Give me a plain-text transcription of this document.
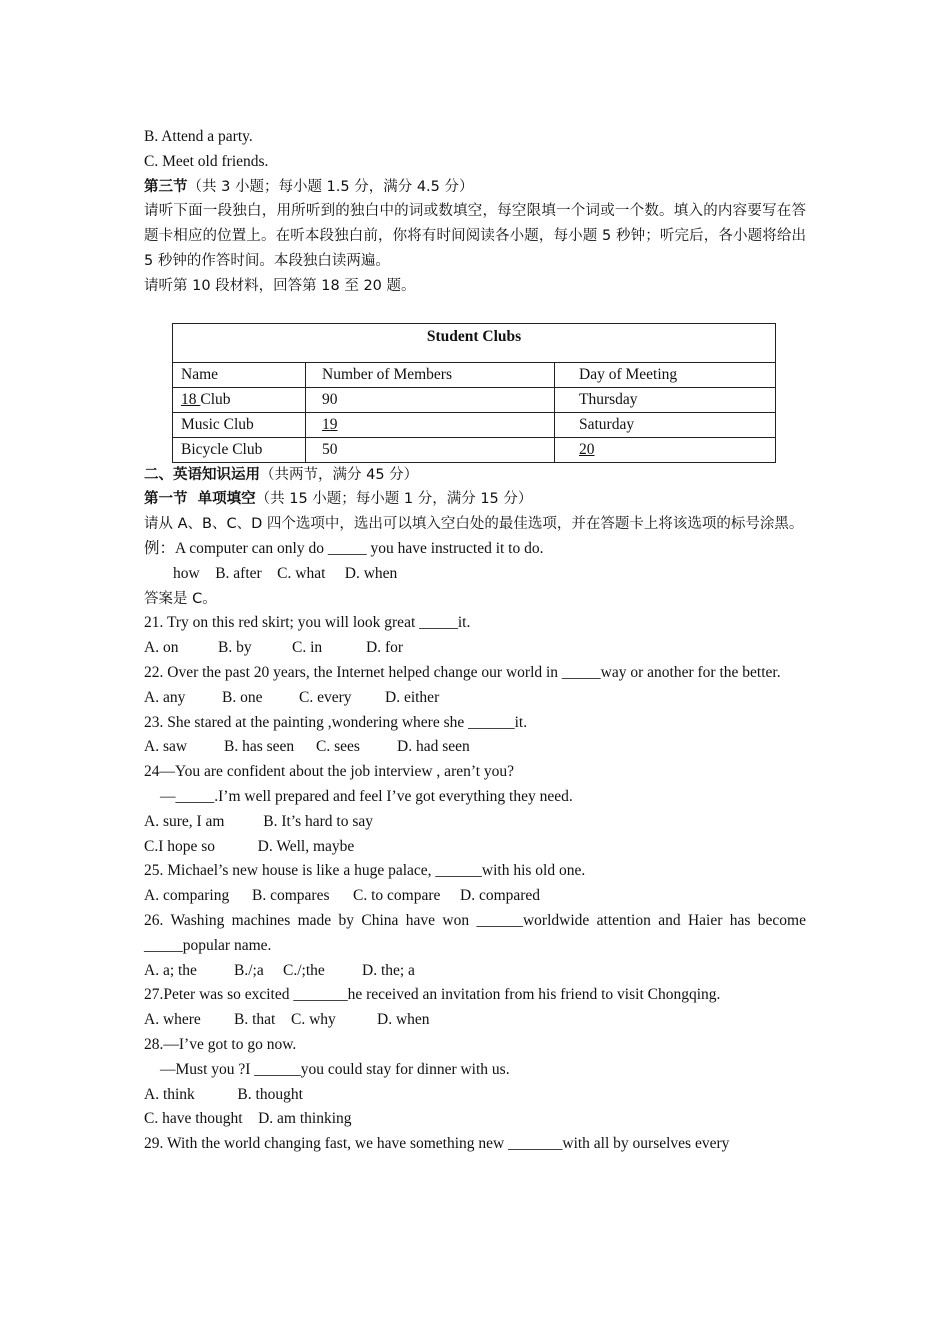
B. Attend a party.
C. Meet old friends.
第三节（共 3 小题；每小题 1.5 分，满分 4.5 分）
请听下面一段独白，用所听到的独白中的词或数填空，每空限填一个词或一个数。填入的内容要写在答题卡相应的位置上。在听本段独白前，你将有时间阅读各小题，每小题 5 秒钟；听完后，各小题将给出 5 秒钟的作答时间。本段独白读两遍。
请听第 10 段材料，回答第 18 至 20 题。
Student Clubs		
Name	Number of Members	Day of Meeting
18 Club	90	Thursday
Music Club	19	Saturday
Bicycle Club	50	20
二、英语知识运用（共两节，满分 45 分）
第一节  单项填空（共 15 小题；每小题 1 分，满分 15 分）
请从 A、B、C、D 四个选项中，选出可以填入空白处的最佳选项，并在答题卡上将该选项的标号涂黑。
例：A computer can only do _____ you have instructed it to do.
how    B. after    C. what     D. when
答案是 C。
21. Try on this red skirt; you will look great _____it.
A. on	B. by	C. in	D. for
22. Over the past 20 years, the Internet helped change our world in _____way or another for the better.
A. any B. one C. every D. either
23. She stared at the painting ,wondering where she ______it.
A. saw B. has seen C. sees D. had seen
24—You are confident about the job interview , aren’t you?
—_____.I’m well prepared and feel I’ve got everything they need.
A. sure, I am          B. It’s hard to say
C.I hope so           D. Well, maybe
25. Michael’s new house is like a huge palace, ______with his old one.
A. comparing B. compares C. to compare D. compared
26. Washing machines made by China have won ______worldwide attention and Haier has become _____popular name.
A. a; the B./;a C./;the D. the; a
27.Peter was so excited _______he received an invitation from his friend to visit Chongqing.
A. where B. that C. why	D. when
28.—I’ve got to go now.
—Must you ?I ______you could stay for dinner with us.
A. think           B. thought
C. have thought    D. am thinking
29. With the world changing fast, we have something new _______with all by ourselves every
